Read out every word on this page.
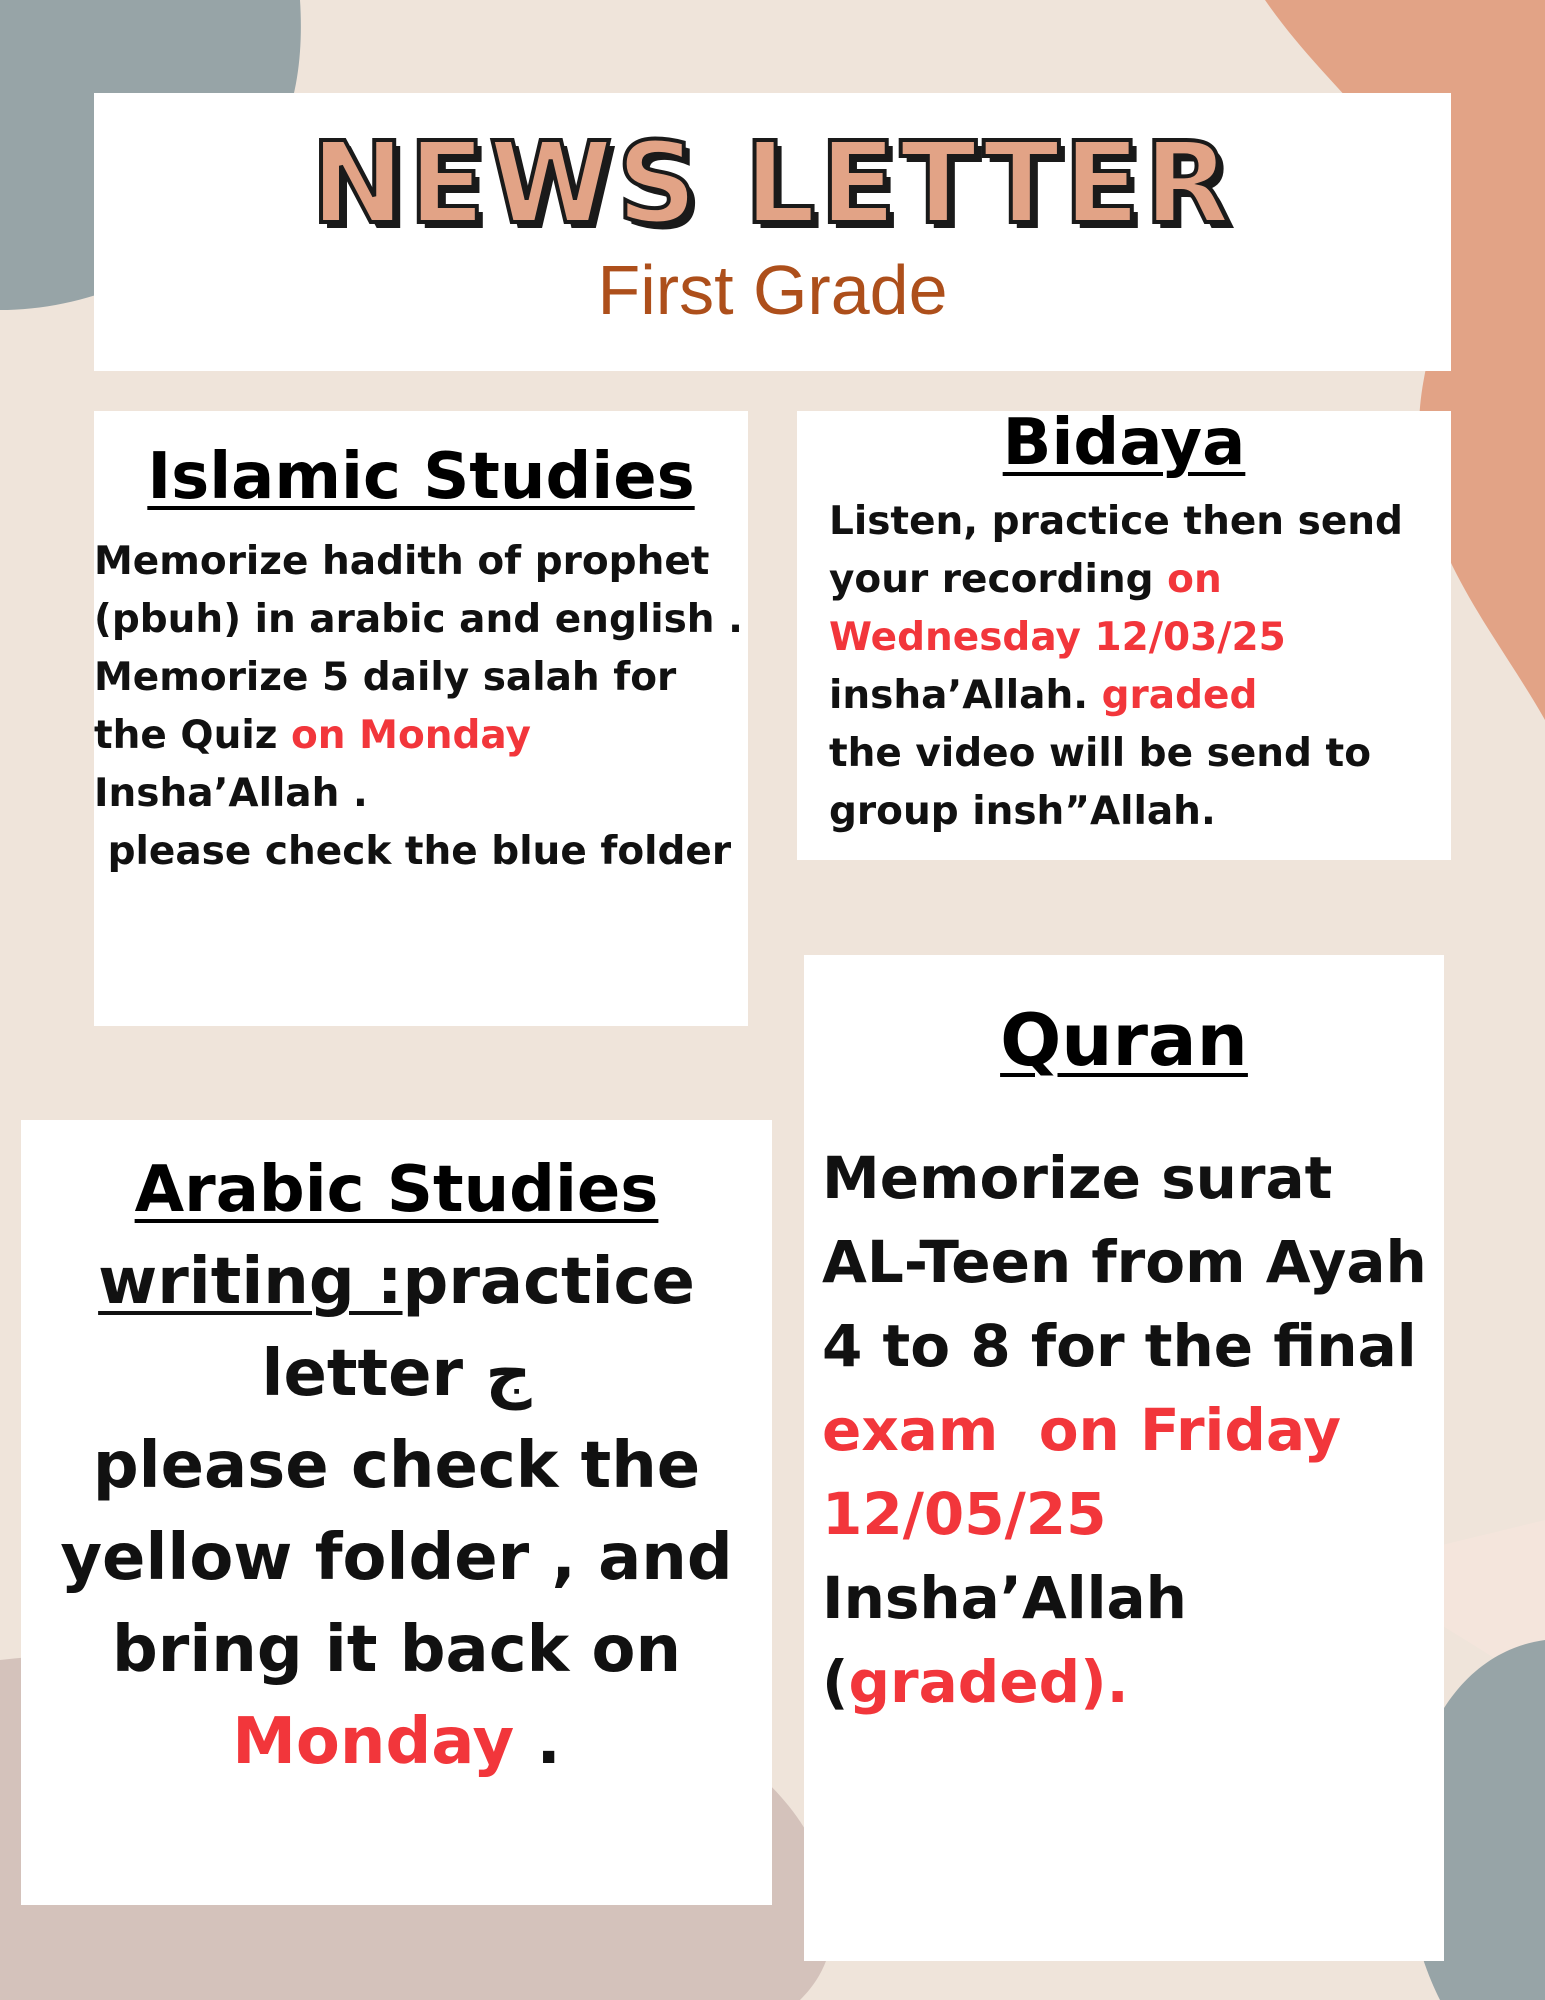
NEWS LETTER
First Grade
Islamic Studies
Memorize hadith of prophet
(pbuh) in arabic and english .
Memorize 5 daily salah for
the Quiz on Monday
Insha’Allah .
please check the blue folder
Bidaya
Listen, practice then send
your recording on
Wednesday 12/03/25
insha’Allah. graded
the video will be send to
group insh”Allah.
Quran
Memorize surat
AL-Teen from Ayah
4 to 8 for the final
exam  on Friday
12/05/25
Insha’Allah
(graded).
Arabic Studies
writing :practice
letter ج
please check the
yellow folder , and
bring it back on
Monday .
